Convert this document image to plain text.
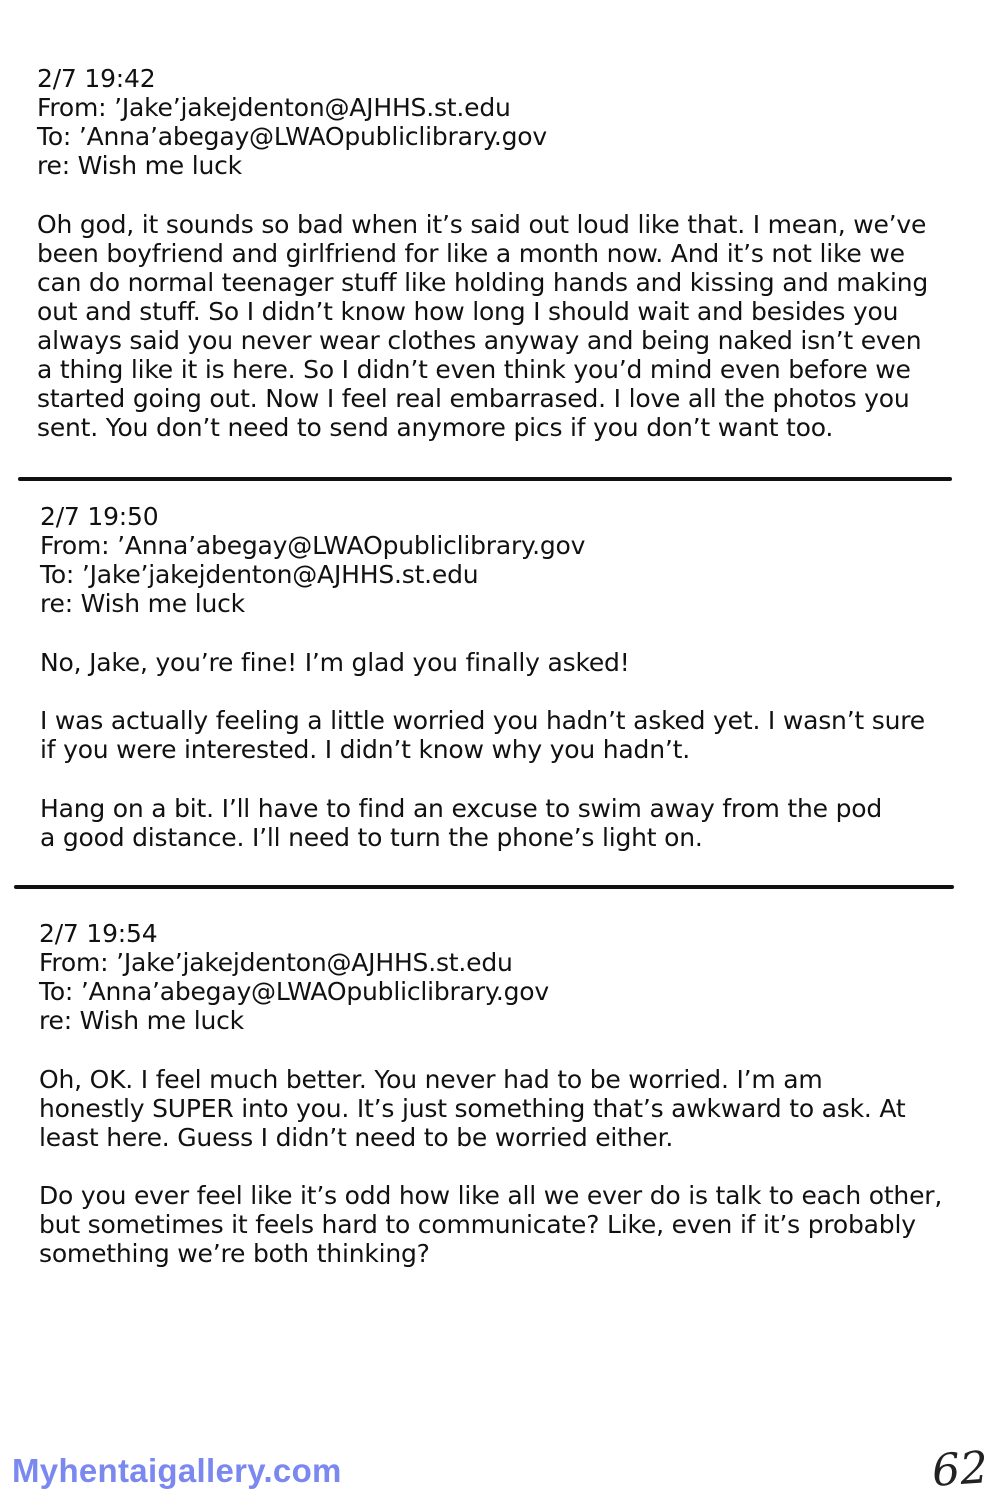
2/7 19:42
From: ’Jake’jakejdenton@AJHHS.st.edu
To: ’Anna’abegay@LWAOpubliclibrary.gov
re: Wish me luck
Oh god, it sounds so bad when it’s said out loud like that. I mean, we’ve
been boyfriend and girlfriend for like a month now. And it’s not like we
can do normal teenager stuff like holding hands and kissing and making
out and stuff. So I didn’t know how long I should wait and besides you
always said you never wear clothes anyway and being naked isn’t even
a thing like it is here. So I didn’t even think you’d mind even before we
started going out. Now I feel real embarrased. I love all the photos you
sent. You don’t need to send anymore pics if you don’t want too.
2/7 19:50
From: ’Anna’abegay@LWAOpubliclibrary.gov
To: ’Jake’jakejdenton@AJHHS.st.edu
re: Wish me luck
No, Jake, you’re fine! I’m glad you finally asked!
I was actually feeling a little worried you hadn’t asked yet. I wasn’t sure
if you were interested. I didn’t know why you hadn’t.
Hang on a bit. I’ll have to find an excuse to swim away from the pod
a good distance. I’ll need to turn the phone’s light on.
2/7 19:54
From: ’Jake’jakejdenton@AJHHS.st.edu
To: ’Anna’abegay@LWAOpubliclibrary.gov
re: Wish me luck
Oh, OK. I feel much better. You never had to be worried. I’m am
honestly SUPER into you. It’s just something that’s awkward to ask. At
least here. Guess I didn’t need to be worried either.
Do you ever feel like it’s odd how like all we ever do is talk to each other,
but sometimes it feels hard to communicate? Like, even if it’s probably
something we’re both thinking?
Myhentaigallery.com	62
